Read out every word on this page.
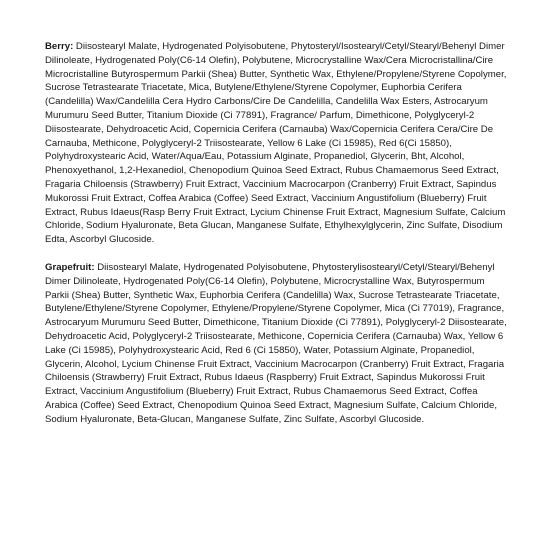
Berry: Diisostearyl Malate, Hydrogenated Polyisobutene, Phytosteryl/Isostearyl/Cetyl/Stearyl/Behenyl Dimer Dilinoleate, Hydrogenated Poly(C6-14 Olefin), Polybutene, Microcrystalline Wax/Cera Microcristallina/Cire Microcristalline Butyrospermum Parkii (Shea) Butter, Synthetic Wax, Ethylene/Propylene/Styrene Copolymer, Sucrose Tetrastearate Triacetate, Mica, Butylene/Ethylene/Styrene Copolymer, Euphorbia Cerifera (Candelilla) Wax/Candelilla Cera Hydro Carbons/Cire De Candelilla, Candelilla Wax Esters, Astrocaryum Murumuru Seed Butter, Titanium Dioxide (Ci 77891), Fragrance/ Parfum, Dimethicone, Polyglyceryl-2 Diisostearate, Dehydroacetic Acid, Copernicia Cerifera (Carnauba) Wax/Copernicia Cerifera Cera/Cire De Carnauba, Methicone, Polyglyceryl-2 Triisostearate, Yellow 6 Lake (Ci 15985), Red 6(Ci 15850), Polyhydroxystearic Acid, Water/Aqua/Eau, Potassium Alginate, Propanediol, Glycerin, Bht, Alcohol, Phenoxyethanol, 1,2-Hexanediol, Chenopodium Quinoa Seed Extract, Rubus Chamaemorus Seed Extract, Fragaria Chiloensis (Strawberry) Fruit Extract, Vaccinium Macrocarpon (Cranberry) Fruit Extract, Sapindus Mukorossi Fruit Extract, Coffea Arabica (Coffee) Seed Extract, Vaccinium Angustifolium (Blueberry) Fruit Extract, Rubus Idaeus(Rasp Berry Fruit Extract, Lycium Chinense Fruit Extract, Magnesium Sulfate, Calcium Chloride, Sodium Hyaluronate, Beta Glucan, Manganese Sulfate, Ethylhexylglycerin, Zinc Sulfate, Disodium Edta, Ascorbyl Glucoside.

Grapefruit: Diisostearyl Malate, Hydrogenated Polyisobutene, Phytosterylisostearyl/Cetyl/Stearyl/Behenyl Dimer Dilinoleate, Hydrogenated Poly(C6-14 Olefin), Polybutene, Microcrystalline Wax, Butyrospermum Parkii (Shea) Butter, Synthetic Wax, Euphorbia Cerifera (Candelilla) Wax, Sucrose Tetrastearate Triacetate, Butylene/Ethylene/Styrene Copolymer, Ethylene/Propylene/Styrene Copolymer, Mica (Ci 77019), Fragrance, Astrocaryum Murumuru Seed Butter, Dimethicone, Titanium Dioxide (Ci 77891), Polyglyceryl-2 Diisostearate, Dehydroacetic Acid, Polyglyceryl-2 Triisostearate, Methicone, Copernicia Cerifera (Carnauba) Wax, Yellow 6 Lake (Ci 15985), Polyhydroxystearic Acid, Red 6 (Ci 15850), Water, Potassium Alginate, Propanediol, Glycerin, Alcohol, Lycium Chinense Fruit Extract, Vaccinium Macrocarpon (Cranberry) Fruit Extract, Fragaria Chiloensis (Strawberry) Fruit Extract, Rubus Idaeus (Raspberry) Fruit Extract, Sapindus Mukorossi Fruit Extract, Vaccinium Angustifolium (Blueberry) Fruit Extract, Rubus Chamaemorus Seed Extract, Coffea Arabica (Coffee) Seed Extract, Chenopodium Quinoa Seed Extract, Magnesium Sulfate, Calcium Chloride, Sodium Hyaluronate, Beta-Glucan, Manganese Sulfate, Zinc Sulfate, Ascorbyl Glucoside.
